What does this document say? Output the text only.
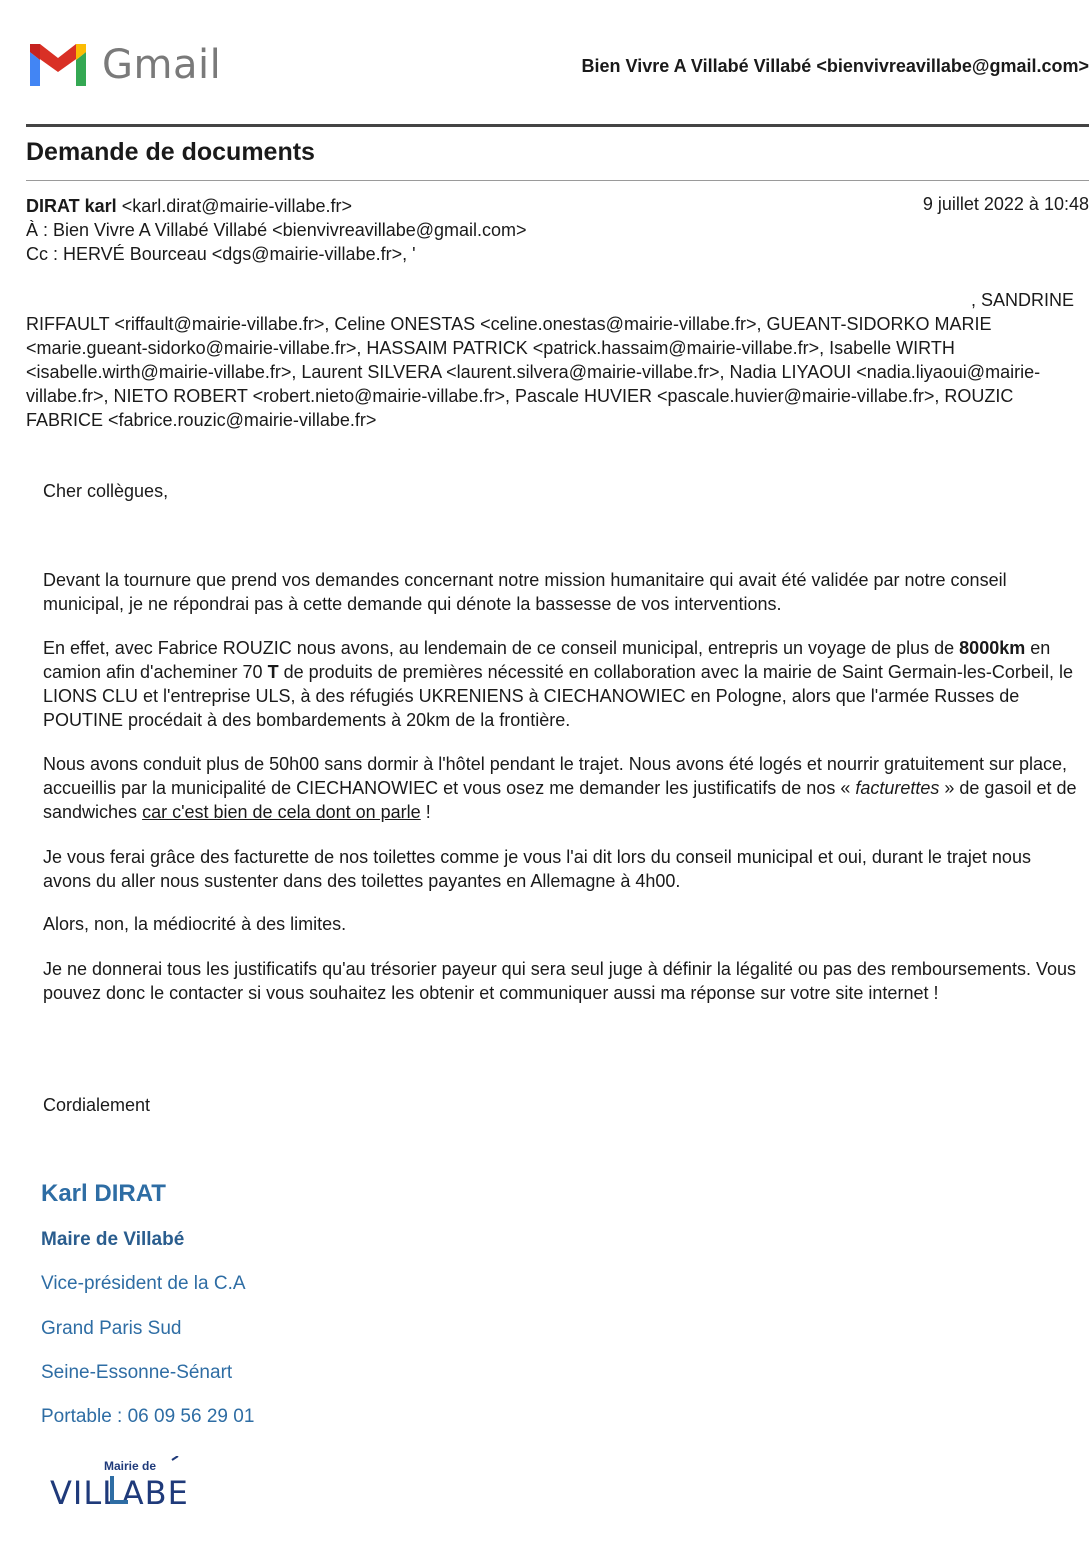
Gmail	Bien Vivre A Villabé Villabé <bienvivreavillabe@gmail.com>
Demande de documents
DIRAT karl <karl.dirat@mairie-villabe.fr>	9 juillet 2022 à 10:48
À : Bien Vivre A Villabé Villabé <bienvivreavillabe@gmail.com>
Cc : HERVÉ Bourceau <dgs@mairie-villabe.fr>, '
, SANDRINE
RIFFAULT <riffault@mairie-villabe.fr>, Celine ONESTAS <celine.onestas@mairie-villabe.fr>, GUEANT-SIDORKO MARIE <marie.gueant-sidorko@mairie-villabe.fr>, HASSAIM PATRICK <patrick.hassaim@mairie-villabe.fr>, Isabelle WIRTH <isabelle.wirth@mairie-villabe.fr>, Laurent SILVERA <laurent.silvera@mairie-villabe.fr>, Nadia LIYAOUI <nadia.liyaoui@mairie-villabe.fr>, NIETO ROBERT <robert.nieto@mairie-villabe.fr>, Pascale HUVIER <pascale.huvier@mairie-villabe.fr>, ROUZIC FABRICE <fabrice.rouzic@mairie-villabe.fr>
Cher collègues,
Devant la tournure que prend vos demandes concernant notre mission humanitaire qui avait été validée par notre conseil municipal, je ne répondrai pas à cette demande qui dénote la bassesse de vos interventions.
En effet, avec Fabrice ROUZIC nous avons, au lendemain de ce conseil municipal, entrepris un voyage de plus de 8000km en camion afin d'acheminer 70 T de produits de premières nécessité en collaboration avec la mairie de Saint Germain-les-Corbeil, le LIONS CLU et l'entreprise ULS, à des réfugiés UKRENIENS à CIECHANOWIEC en Pologne, alors que l'armée Russes de POUTINE procédait à des bombardements à 20km de la frontière.
Nous avons conduit plus de 50h00 sans dormir à l'hôtel pendant le trajet. Nous avons été logés et nourrir gratuitement sur place, accueillis par la municipalité de CIECHANOWIEC et vous osez me demander les justificatifs de nos « facturettes » de gasoil et de sandwiches car c'est bien de cela dont on parle !
Je vous ferai grâce des facturette de nos toilettes comme je vous l'ai dit lors du conseil municipal et oui, durant le trajet nous avons du aller nous sustenter dans des toilettes payantes en Allemagne à 4h00.
Alors, non, la médiocrité à des limites.
Je ne donnerai tous les justificatifs qu'au trésorier payeur qui sera seul juge à définir la légalité ou pas des remboursements. Vous pouvez donc le contacter si vous souhaitez les obtenir et communiquer aussi ma réponse sur votre site internet !
Cordialement
Karl DIRAT
Maire de Villabé
Vice-président de la C.A
Grand Paris Sud
Seine-Essonne-Sénart
Portable : 06 09 56 29 01
Mairie de
VILLABE
